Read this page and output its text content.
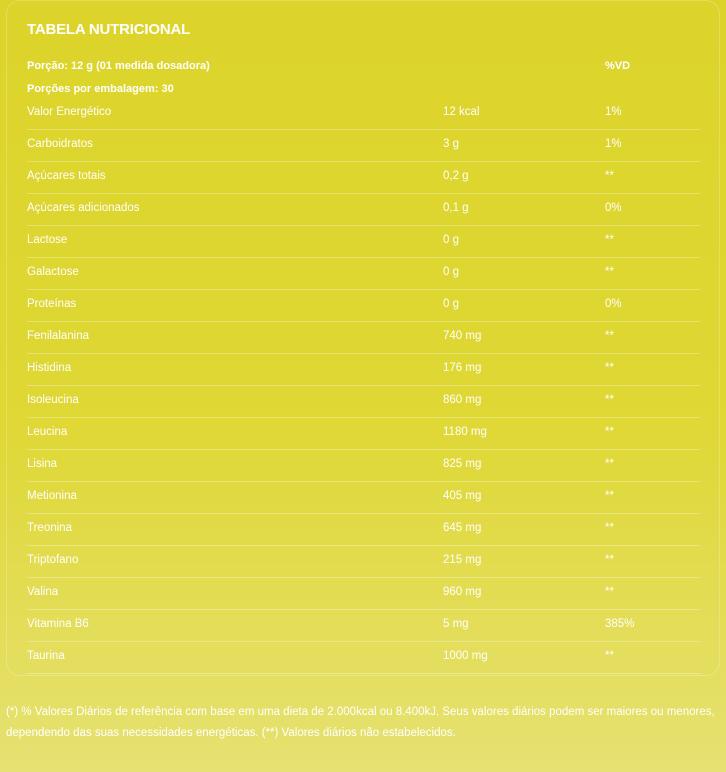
TABELA NUTRICIONAL
Porção: 12 g (01 medida dosadora)	%VD
Porções por embalagem: 30
Valor Energético	12 kcal	1%
Carboidratos	3 g	1%
Açúcares totais	0,2 g	**
Açúcares adicionados	0,1 g	0%
Lactose	0 g	**
Galactose	0 g	**
Proteínas	0 g	0%
Fenilalanina	740 mg	**
Histidina	176 mg	**
Isoleucina	860 mg	**
Leucina	1180 mg	**
Lisina	825 mg	**
Metionina	405 mg	**
Treonina	645 mg	**
Triptofano	215 mg	**
Valina	960 mg	**
Vitamina B6	5 mg	385%
Taurina	1000 mg	**
(*) % Valores Diários de referência com base em uma dieta de 2.000kcal ou 8.400kJ. Seus valores diários podem ser maiores ou menores, dependendo das suas necessidades energéticas. (**) Valores diários não estabelecidos.
